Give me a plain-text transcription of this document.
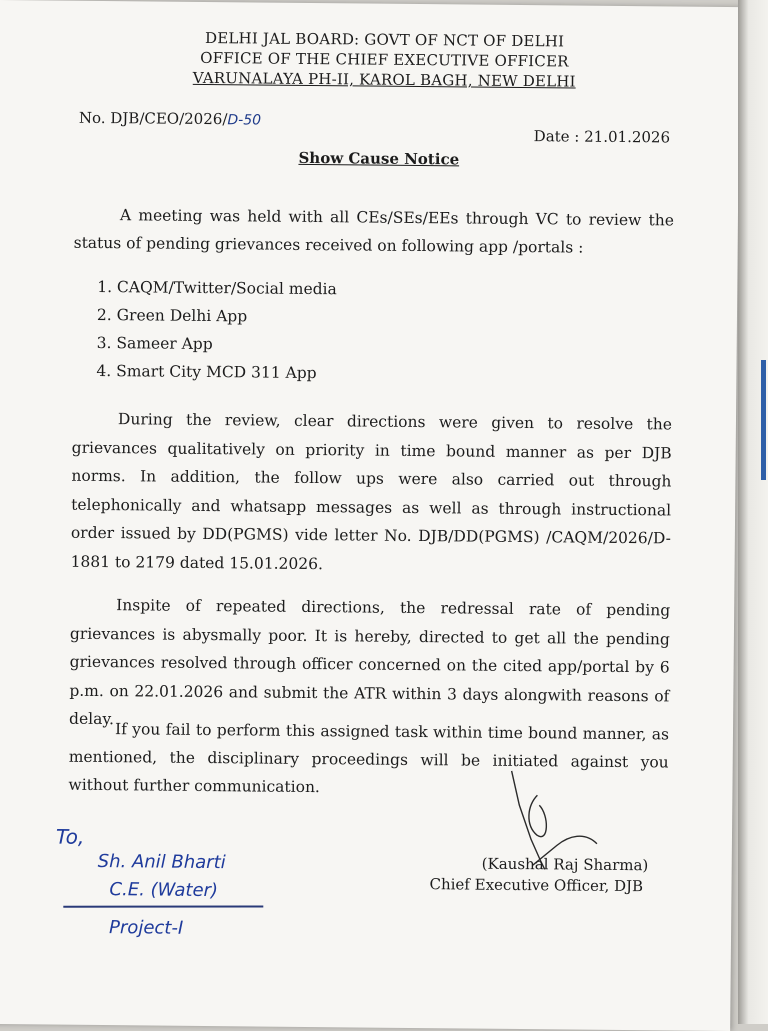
DELHI JAL BOARD: GOVT OF NCT OF DELHI
OFFICE OF THE CHIEF EXECUTIVE OFFICER
VARUNALAYA PH-II, KAROL BAGH, NEW DELHI
No. DJB/CEO/2026/D-50
Date : 21.01.2026
Show Cause Notice
A meeting was held with all CEs/SEs/EEs through VC to review the status of pending grievances received on following app /portals :
1. CAQM/Twitter/Social media
2. Green Delhi App
3. Sameer App
4. Smart City MCD 311 App
During the review, clear directions were given to resolve the grievances qualitatively on priority in time bound manner as per DJB norms. In addition, the follow ups were also carried out through telephonically and whatsapp messages as well as through instructional order issued by DD(PGMS) vide letter No. DJB/DD(PGMS) /CAQM/2026/D-1881 to 2179 dated 15.01.2026.
Inspite of repeated directions, the redressal rate of pending grievances is abysmally poor. It is hereby, directed to get all the pending grievances resolved through officer concerned on the cited app/portal by 6 p.m. on 22.01.2026 and submit the ATR within 3 days alongwith reasons of delay.
If you fail to perform this assigned task within time bound manner, as mentioned, the disciplinary proceedings will be initiated against you without further communication.
(Kaushal Raj Sharma)
Chief Executive Officer, DJB
To,
Sh. Anil Bharti
C.E. (Water)
Project-I
